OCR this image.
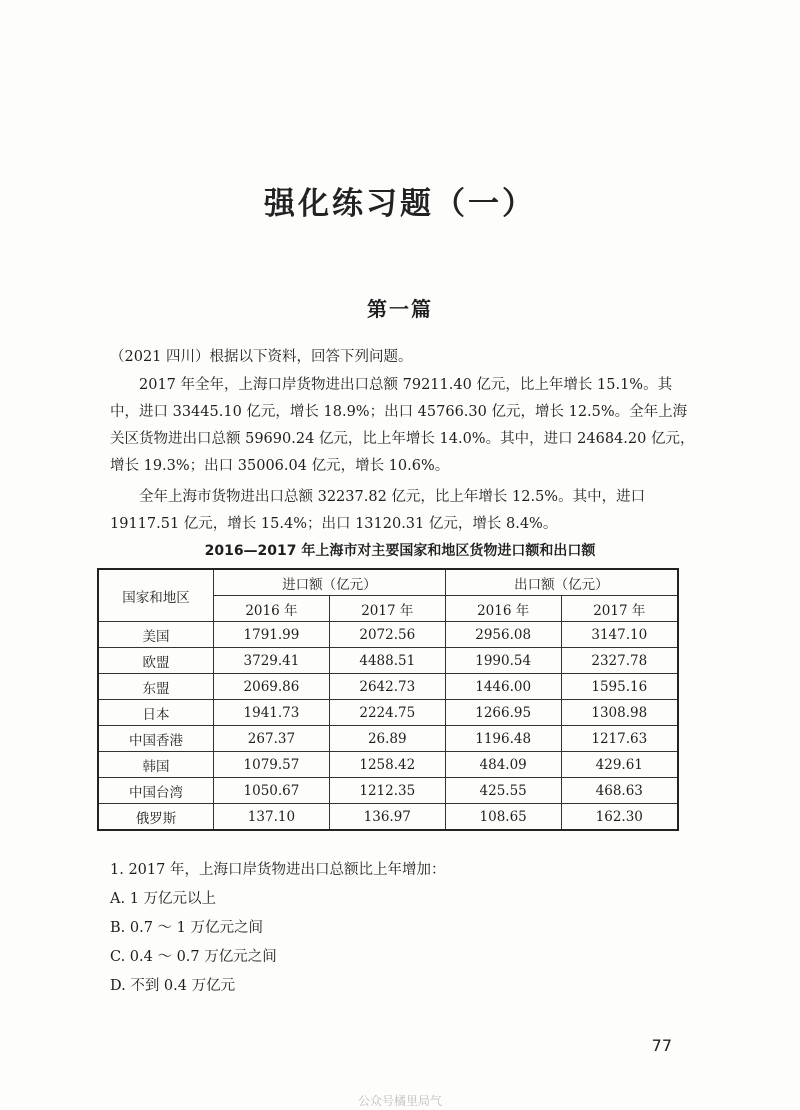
强化练习题（一）
第一篇

（2021 四川）根据以下资料，回答下列问题。

2017 年全年，上海口岸货物进出口总额 79211.40 亿元，比上年增长 15.1%。其中，进口 33445.10 亿元，增长 18.9%；出口 45766.30 亿元，增长 12.5%。全年上海关区货物进出口总额 59690.24 亿元，比上年增长 14.0%。其中，进口 24684.20 亿元，增长 19.3%；出口 35006.04 亿元，增长 10.6%。

全年上海市货物进出口总额 32237.82 亿元，比上年增长 12.5%。其中，进口 19117.51 亿元，增长 15.4%；出口 13120.31 亿元，增长 8.4%。

2016—2017 年上海市对主要国家和地区货物进口额和出口额
国家和地区	进口额（亿元）		出口额（亿元）	
	2016 年	2017 年	2016 年	2017 年
美国	1791.99	2072.56	2956.08	3147.10
欧盟	3729.41	4488.51	1990.54	2327.78
东盟	2069.86	2642.73	1446.00	1595.16
日本	1941.73	2224.75	1266.95	1308.98
中国香港	267.37	26.89	1196.48	1217.63
韩国	1079.57	1258.42	484.09	429.61
中国台湾	1050.67	1212.35	425.55	468.63
俄罗斯	137.10	136.97	108.65	162.30
1. 2017 年，上海口岸货物进出口总额比上年增加：
A. 1 万亿元以上
B. 0.7 ～ 1 万亿元之间
C. 0.4 ～ 0.7 万亿元之间
D. 不到 0.4 万亿元
77
公众号橘里局气
